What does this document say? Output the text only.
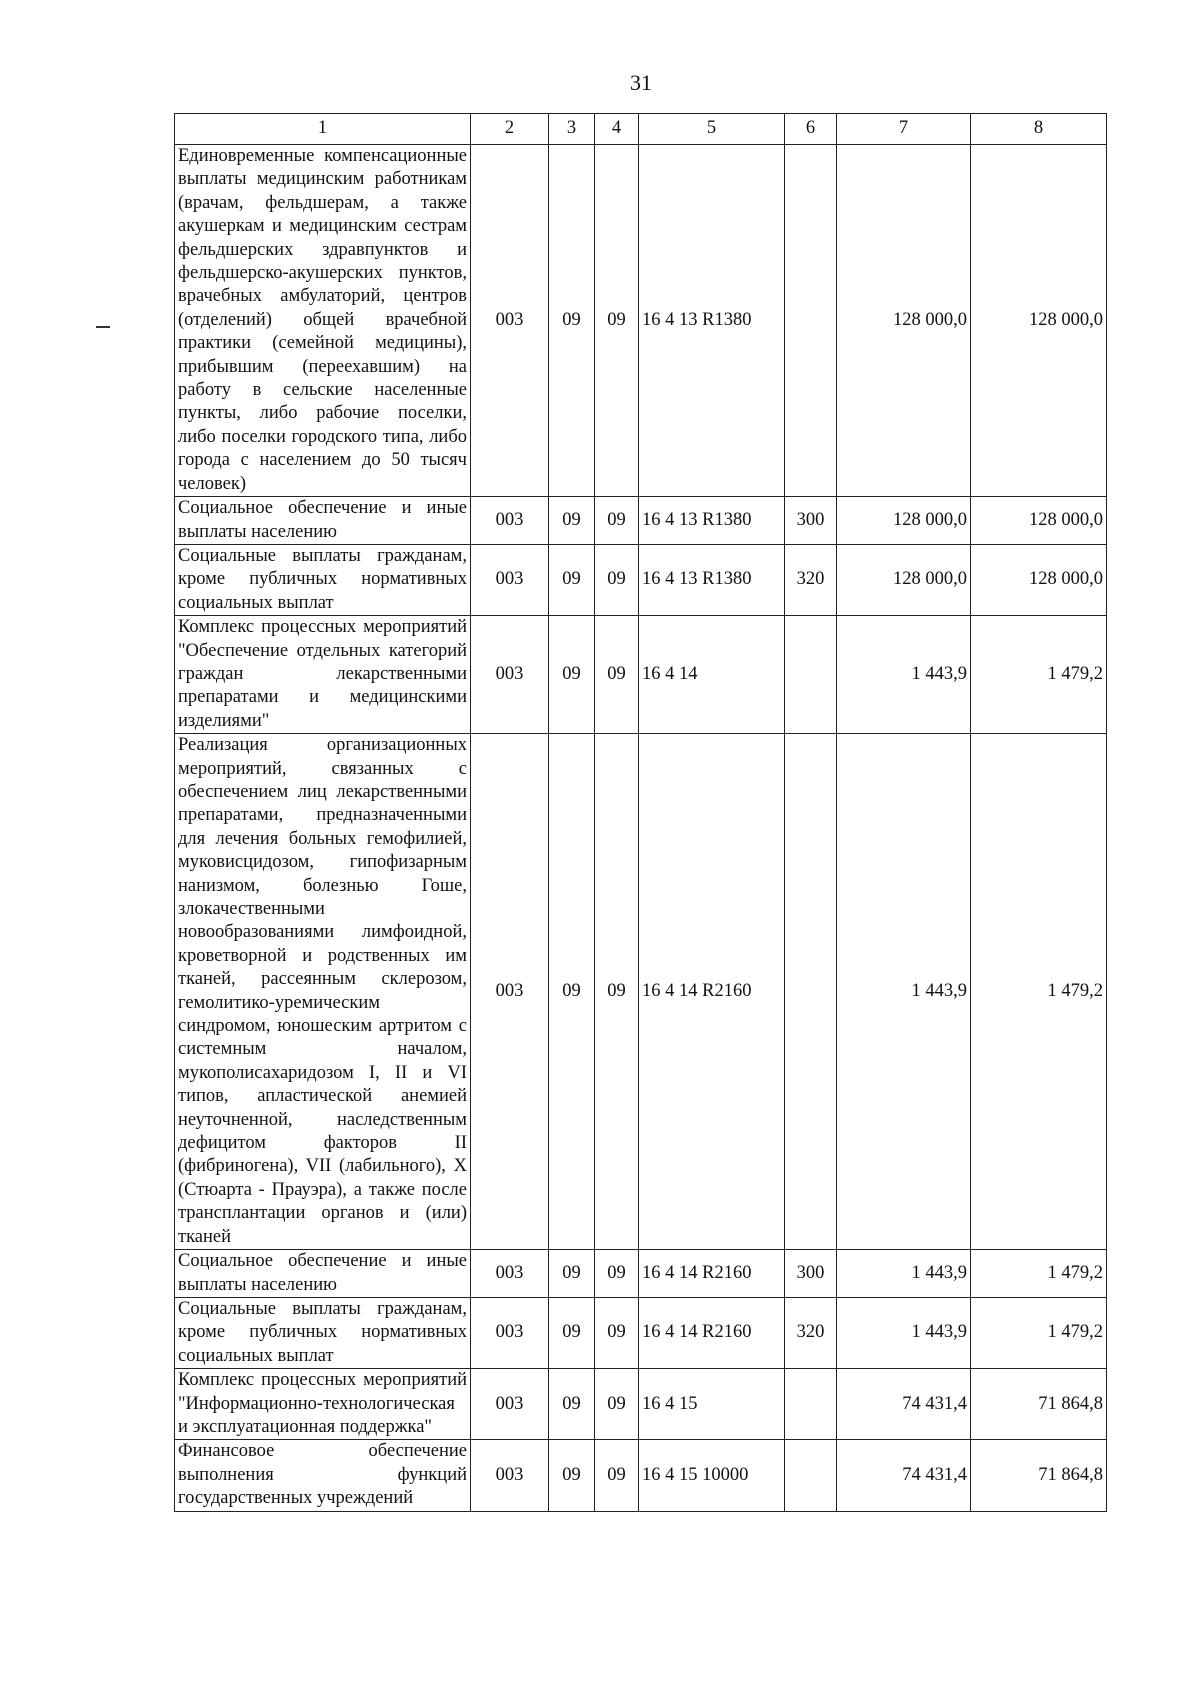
31
1	2	3	4	5	6	7	8
Единовременные компенсационные выплаты медицинским работникам (врачам, фельдшерам, а также акушеркам и медицинским сестрам фельдшерских здравпунктов и фельдшерско-акушерских пунктов, врачебных амбулаторий, центров (отделений) общей врачебной практики (семейной медицины), прибывшим (переехавшим) на работу в сельские населенные пункты, либо рабочие поселки, либо поселки городского типа, либо города с населением до 50 тысяч человек)	003	09	09	16 4 13 R1380		128 000,0	128 000,0
Социальное обеспечение и иные выплаты населению	003	09	09	16 4 13 R1380	300	128 000,0	128 000,0
Социальные выплаты гражданам, кроме публичных нормативных социальных выплат	003	09	09	16 4 13 R1380	320	128 000,0	128 000,0
Комплекс процессных мероприятий "Обеспечение отдельных категорий граждан лекарственными препаратами и медицинскими изделиями"	003	09	09	16 4 14		1 443,9	1 479,2
Реализация организационных мероприятий, связанных с обеспечением лиц лекарственными препаратами, предназначенными для лечения больных гемофилией, муковисцидозом, гипофизарным нанизмом, болезнью Гоше, злокачественными новообразованиями лимфоидной, кроветворной и родственных им тканей, рассеянным склерозом, гемолитико-уремическим синдромом, юношеским артритом с системным началом, мукополисахаридозом I, II и VI типов, апластической анемией неуточненной, наследственным дефицитом факторов II (фибриногена), VII (лабильного), X (Стюарта - Прауэра), а также после трансплантации органов и (или) тканей	003	09	09	16 4 14 R2160		1 443,9	1 479,2
Социальное обеспечение и иные выплаты населению	003	09	09	16 4 14 R2160	300	1 443,9	1 479,2
Социальные выплаты гражданам, кроме публичных нормативных социальных выплат	003	09	09	16 4 14 R2160	320	1 443,9	1 479,2
Комплекс процессных мероприятий "Информационно-технологическая и эксплуатационная поддержка"	003	09	09	16 4 15		74 431,4	71 864,8
Финансовое обеспечение выполнения функций государственных учреждений	003	09	09	16 4 15 10000		74 431,4	71 864,8
